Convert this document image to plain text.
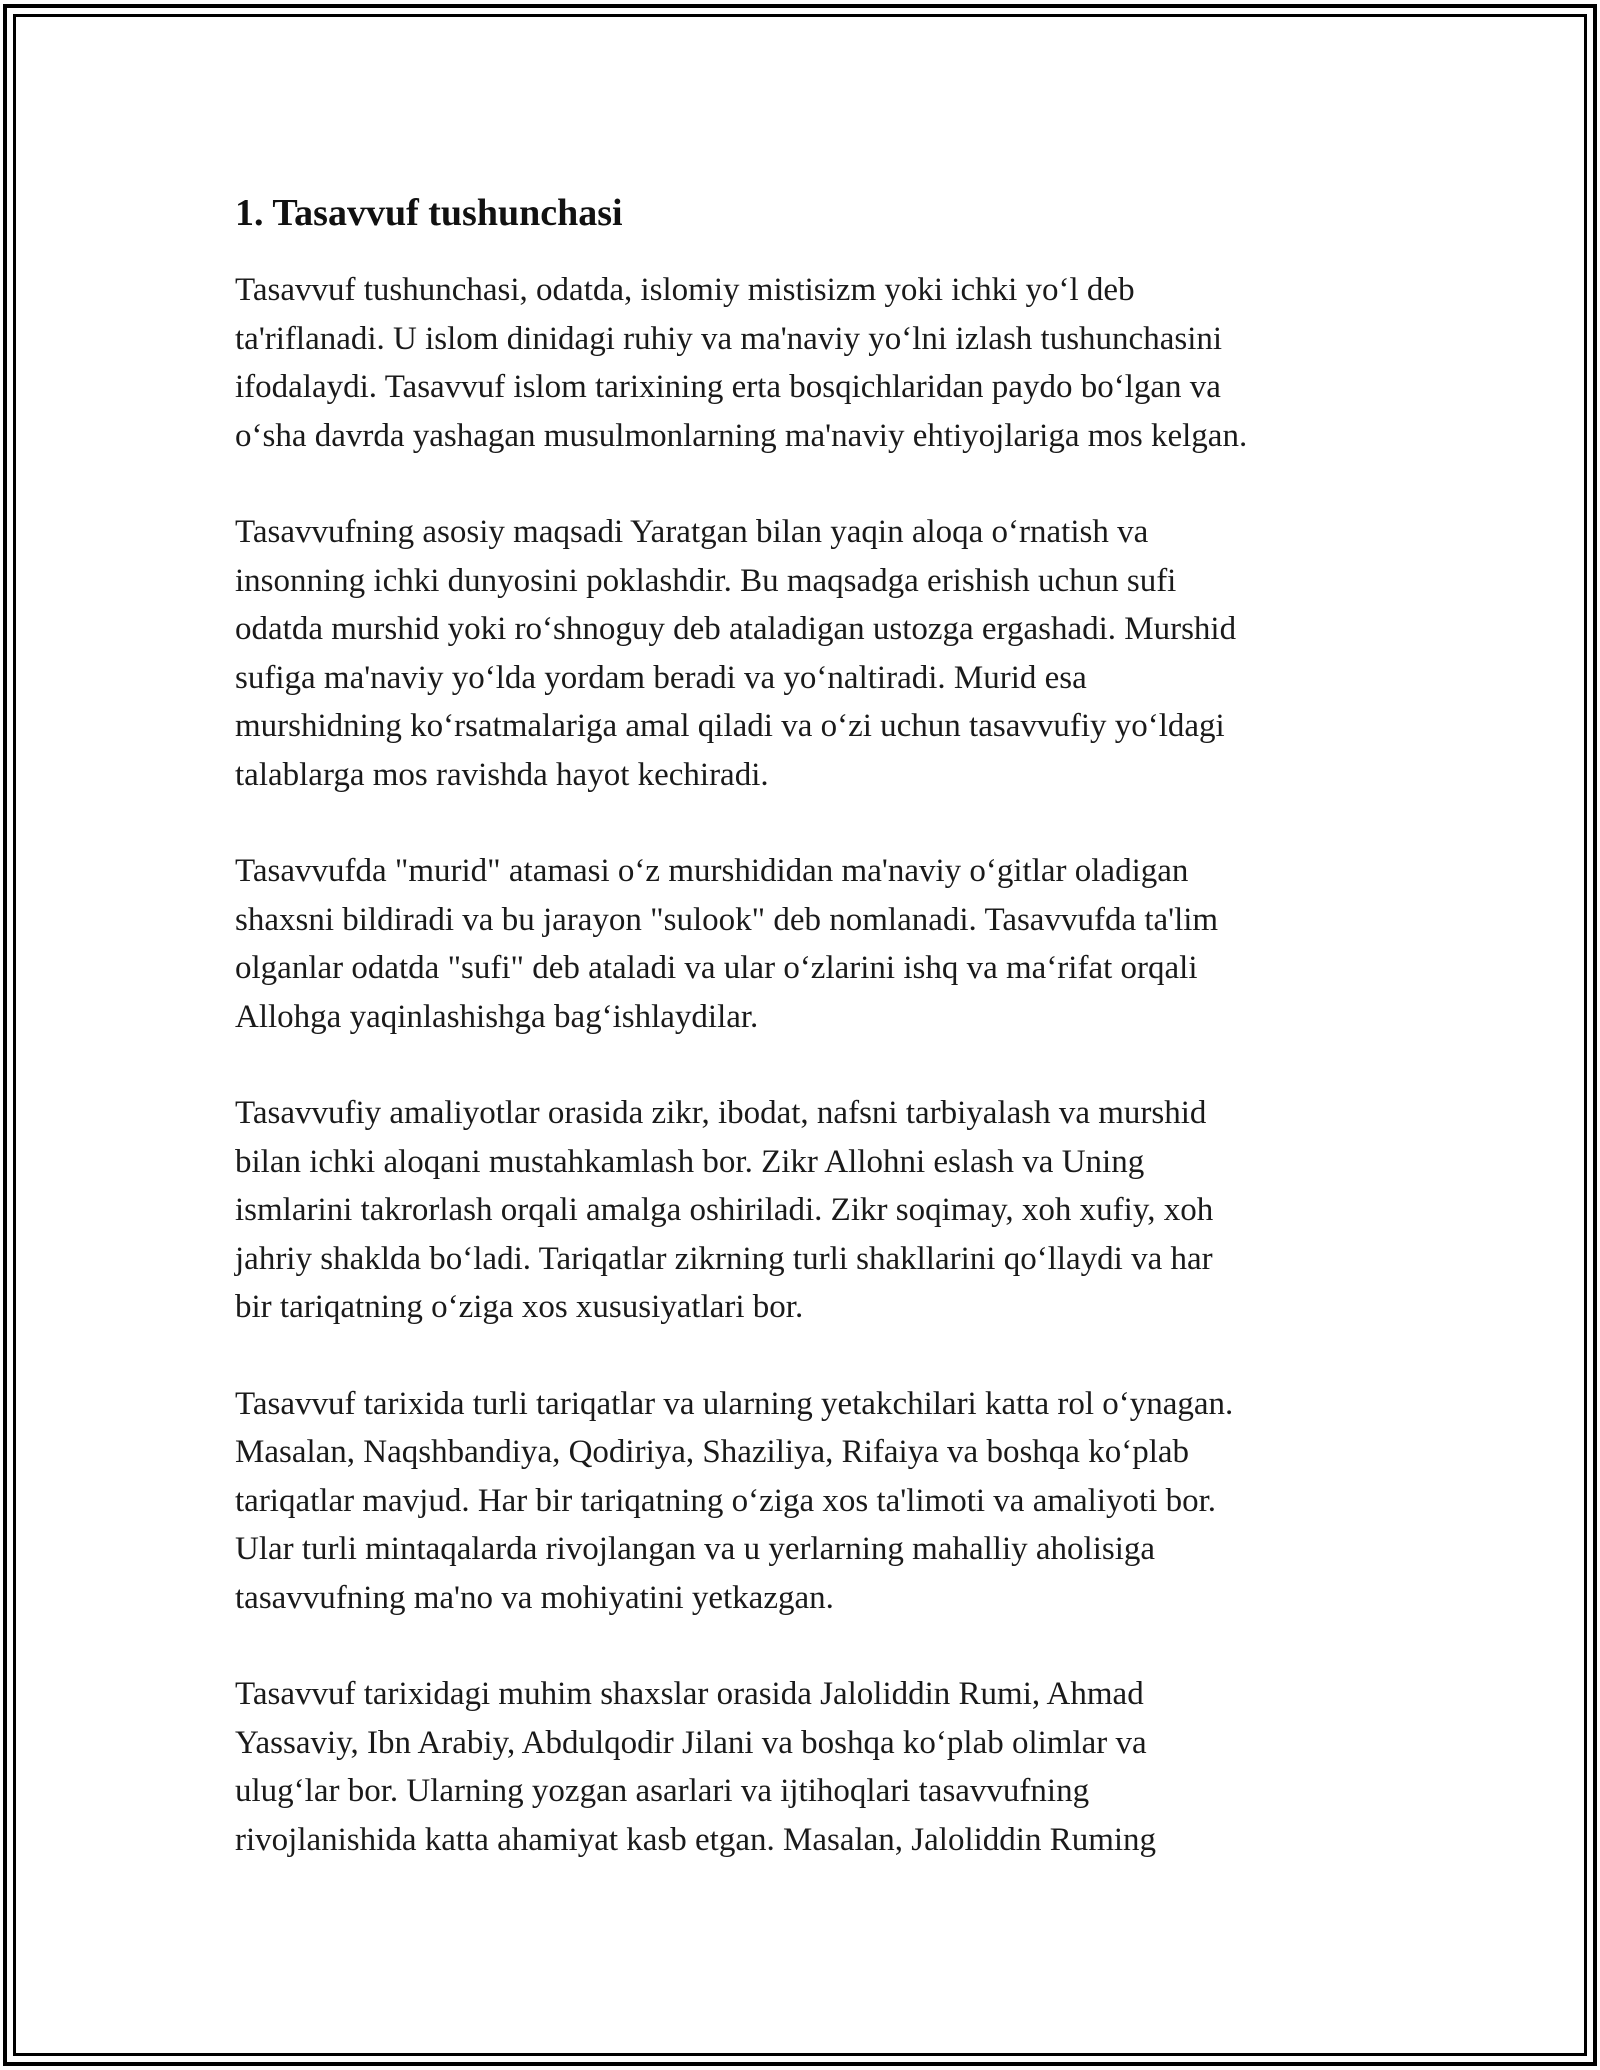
1. Tasavvuf tushunchasi

Tasavvuf tushunchasi, odatda, islomiy mistisizm yoki ichki yo‘l deb
ta'riflanadi. U islom dinidagi ruhiy va ma'naviy yo‘lni izlash tushunchasini
ifodalaydi. Tasavvuf islom tarixining erta bosqichlaridan paydo bo‘lgan va
o‘sha davrda yashagan musulmonlarning ma'naviy ehtiyojlariga mos kelgan.

Tasavvufning asosiy maqsadi Yaratgan bilan yaqin aloqa o‘rnatish va
insonning ichki dunyosini poklashdir. Bu maqsadga erishish uchun sufi
odatda murshid yoki ro‘shnoguy deb ataladigan ustozga ergashadi. Murshid
sufiga ma'naviy yo‘lda yordam beradi va yo‘naltiradi. Murid esa
murshidning ko‘rsatmalariga amal qiladi va o‘zi uchun tasavvufiy yo‘ldagi
talablarga mos ravishda hayot kechiradi.

Tasavvufda "murid" atamasi o‘z murshididan ma'naviy o‘gitlar oladigan
shaxsni bildiradi va bu jarayon "sulook" deb nomlanadi. Tasavvufda ta'lim
olganlar odatda "sufi" deb ataladi va ular o‘zlarini ishq va ma‘rifat orqali
Allohga yaqinlashishga bag‘ishlaydilar.

Tasavvufiy amaliyotlar orasida zikr, ibodat, nafsni tarbiyalash va murshid
bilan ichki aloqani mustahkamlash bor. Zikr Allohni eslash va Uning
ismlarini takrorlash orqali amalga oshiriladi. Zikr soqimay, xoh xufiy, xoh
jahriy shaklda bo‘ladi. Tariqatlar zikrning turli shakllarini qo‘llaydi va har
bir tariqatning o‘ziga xos xususiyatlari bor.

Tasavvuf tarixida turli tariqatlar va ularning yetakchilari katta rol o‘ynagan.
Masalan, Naqshbandiya, Qodiriya, Shaziliya, Rifaiya va boshqa ko‘plab
tariqatlar mavjud. Har bir tariqatning o‘ziga xos ta'limoti va amaliyoti bor.
Ular turli mintaqalarda rivojlangan va u yerlarning mahalliy aholisiga
tasavvufning ma'no va mohiyatini yetkazgan.

Tasavvuf tarixidagi muhim shaxslar orasida Jaloliddin Rumi, Ahmad
Yassaviy, Ibn Arabiy, Abdulqodir Jilani va boshqa ko‘plab olimlar va
ulug‘lar bor. Ularning yozgan asarlari va ijtihoqlari tasavvufning
rivojlanishida katta ahamiyat kasb etgan. Masalan, Jaloliddin Ruming
